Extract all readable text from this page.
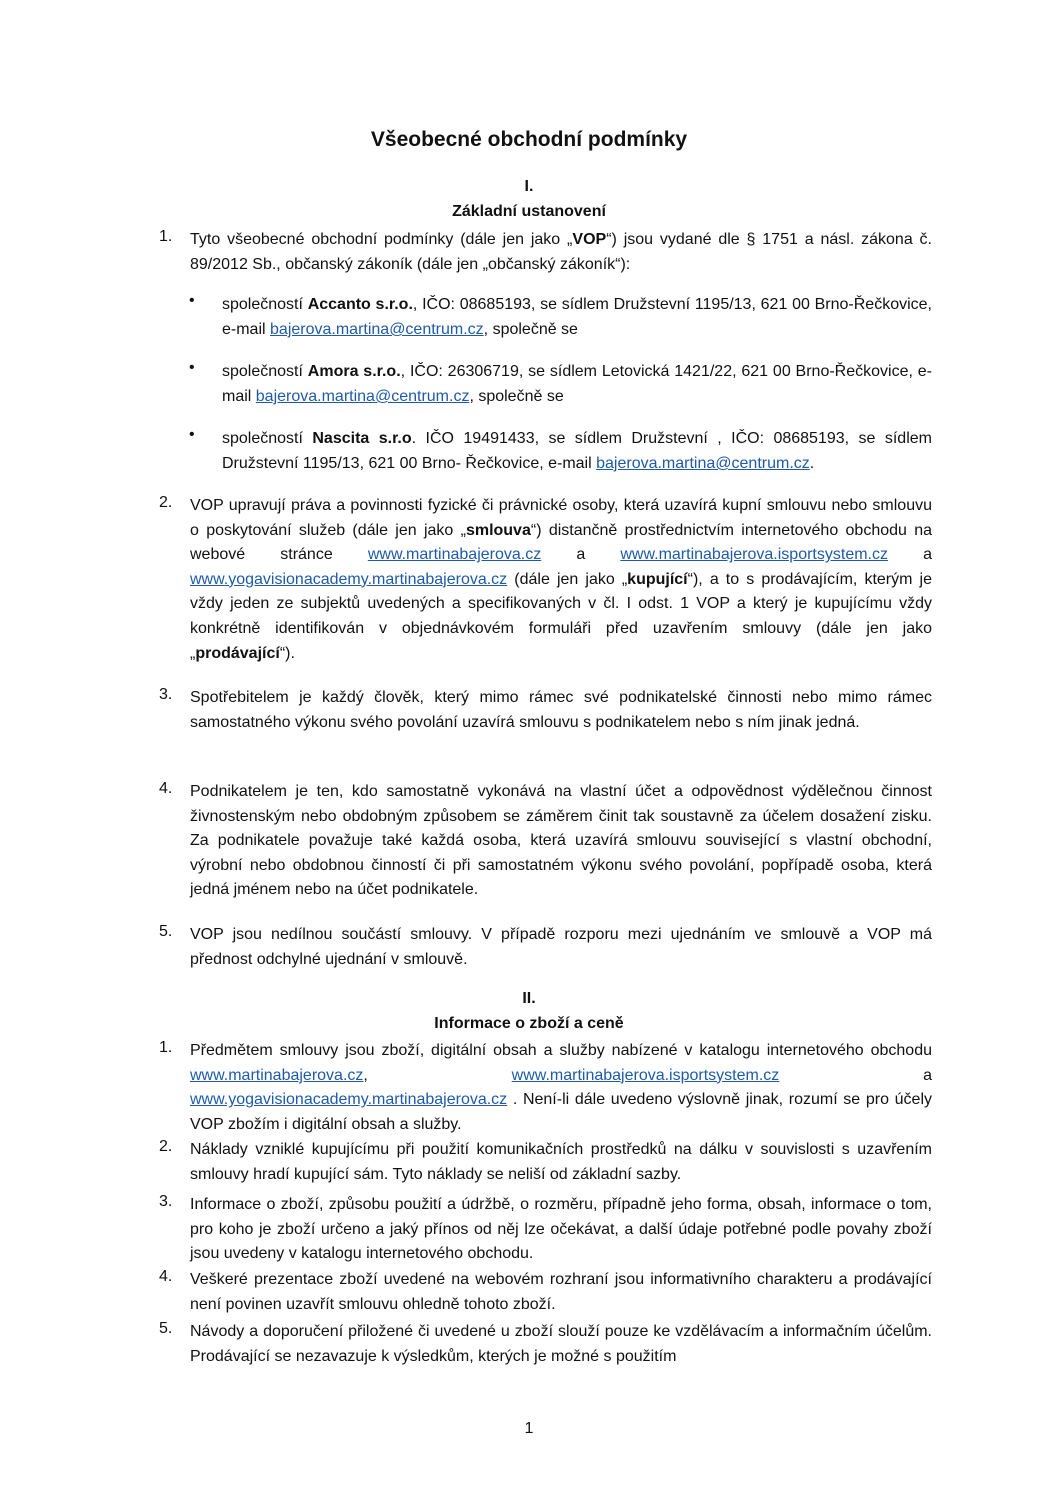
Všeobecné obchodní podmínky
I.
Základní ustanovení
1.	Tyto všeobecné obchodní podmínky (dále jen jako „VOP“) jsou vydané dle § 1751 a násl. zákona č. 89/2012 Sb., občanský zákoník (dále jen „občanský zákoník“):
• společností Accanto s.r.o., IČO: 08685193, se sídlem Družstevní 1195/13, 621 00 Brno-Řečkovice, e-mail bajerova.martina@centrum.cz, společně se
• společností Amora s.r.o., IČO: 26306719, se sídlem Letovická 1421/22, 621 00 Brno-Řečkovice, e-mail bajerova.martina@centrum.cz, společně se
• společností Nascita s.r.o. IČO 19491433, se sídlem Družstevní , IČO: 08685193, se sídlem Družstevní 1195/13, 621 00 Brno- Řečkovice, e-mail bajerova.martina@centrum.cz.
2.	VOP upravují práva a povinnosti fyzické či právnické osoby, která uzavírá kupní smlouvu nebo smlouvu o poskytování služeb (dále jen jako „smlouva“) distančně prostřednictvím internetového obchodu na webové stránce www.martinabajerova.cz a www.martinabajerova.isportsystem.cz a www.yogavisionacademy.martinabajerova.cz (dále jen jako „kupující“), a to s prodávajícím, kterým je vždy jeden ze subjektů uvedených a specifikovaných v čl. I odst. 1 VOP a který je kupujícímu vždy konkrétně identifikován v objednávkovém formuláři před uzavřením smlouvy (dále jen jako „prodávající“).
3.	Spotřebitelem je každý člověk, který mimo rámec své podnikatelské činnosti nebo mimo rámec samostatného výkonu svého povolání uzavírá smlouvu s podnikatelem nebo s ním jinak jedná.
4.	Podnikatelem je ten, kdo samostatně vykonává na vlastní účet a odpovědnost výdělečnou činnost živnostenským nebo obdobným způsobem se záměrem činit tak soustavně za účelem dosažení zisku. Za podnikatele považuje také každá osoba, která uzavírá smlouvu související s vlastní obchodní, výrobní nebo obdobnou činností či při samostatném výkonu svého povolání, popřípadě osoba, která jedná jménem nebo na účet podnikatele.
5.	VOP jsou nedílnou součástí smlouvy. V případě rozporu mezi ujednáním ve smlouvě a VOP má přednost odchylné ujednání v smlouvě.
II.
Informace o zboží a ceně
1.	Předmětem smlouvy jsou zboží, digitální obsah a služby nabízené v katalogu internetového obchodu www.martinabajerova.cz, www.martinabajerova.isportsystem.cz a www.yogavisionacademy.martinabajerova.cz . Není-li dále uvedeno výslovně jinak, rozumí se pro účely VOP zbožím i digitální obsah a služby.
2.	Náklady vzniklé kupujícímu při použití komunikačních prostředků na dálku v souvislosti s uzavřením smlouvy hradí kupující sám. Tyto náklady se neliší od základní sazby.
3.	Informace o zboží, způsobu použití a údržbě, o rozměru, případně jeho forma, obsah, informace o tom, pro koho je zboží určeno a jaký přínos od něj lze očekávat, a další údaje potřebné podle povahy zboží jsou uvedeny v katalogu internetového obchodu.
4.	Veškeré prezentace zboží uvedené na webovém rozhraní jsou informativního charakteru a prodávající není povinen uzavřít smlouvu ohledně tohoto zboží.
5.	Návody a doporučení přiložené či uvedené u zboží slouží pouze ke vzdělávacím a informačním účelům. Prodávající se nezavazuje k výsledkům, kterých je možné s použitím
1
